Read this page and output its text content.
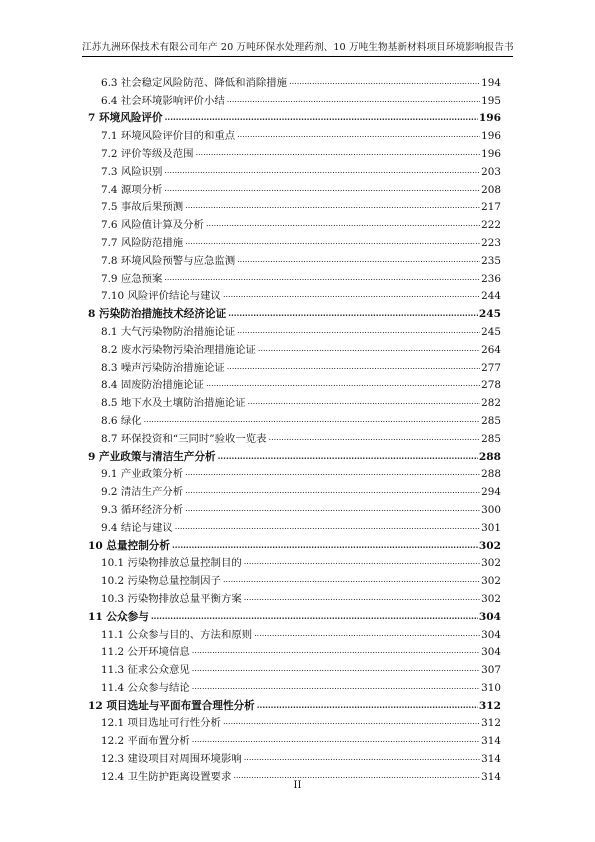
江苏九洲环保技术有限公司年产 20 万吨环保水处理药剂、10 万吨生物基新材料项目环境影响报告书
6.3 社会稳定风险防范、降低和消除措施 .....	194
6.4 社会环境影响评价小结 .....	195
7 环境风险评价 .....	196
7.1 环境风险评价目的和重点 .....	196
7.2 评价等级及范围 .....	196
7.3 风险识别 .....	203
7.4 源项分析 .....	208
7.5 事故后果预测 .....	217
7.6 风险值计算及分析 .....	222
7.7 风险防范措施 .....	223
7.8 环境风险预警与应急监测 .....	235
7.9 应急预案 .....	236
7.10 风险评价结论与建议 .....	244
8 污染防治措施技术经济论证 .....	245
8.1 大气污染物防治措施论证 .....	245
8.2 废水污染物污染治理措施论证 .....	264
8.3 噪声污染防治措施论证 .....	277
8.4 固废防治措施论证 .....	278
8.5 地下水及土壤防治措施论证 .....	282
8.6 绿化 .....	285
8.7 环保投资和“三同时”验收一览表 .....	285
9 产业政策与清洁生产分析 .....	288
9.1 产业政策分析 .....	288
9.2 清洁生产分析 .....	294
9.3 循环经济分析 .....	300
9.4 结论与建议 .....	301
10 总量控制分析 .....	302
10.1 污染物排放总量控制目的 .....	302
10.2 污染物总量控制因子 .....	302
10.3 污染物排放总量平衡方案 .....	302
11 公众参与 .....	304
11.1 公众参与目的、方法和原则 .....	304
11.2 公开环境信息 .....	304
11.3 征求公众意见 .....	307
11.4 公众参与结论 .....	310
12 项目选址与平面布置合理性分析 .....	312
12.1 项目选址可行性分析 .....	312
12.2 平面布置分析 .....	314
12.3 建设项目对周围环境影响 .....	314
12.4 卫生防护距离设置要求 .....	314
II
